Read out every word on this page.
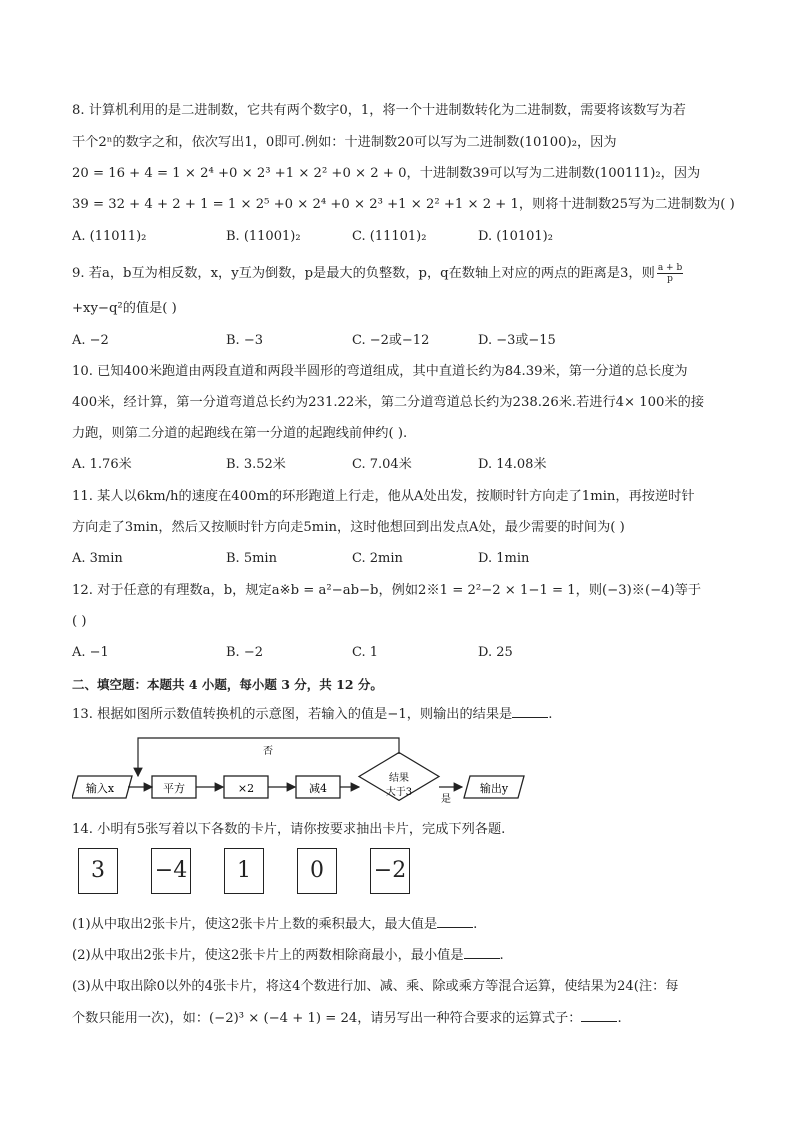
8. 计算机利用的是二进制数，它共有两个数字0，1，将一个十进制数转化为二进制数，需要将该数写为若
干个2ⁿ的数字之和，依次写出1，0即可.例如：十进制数20可以写为二进制数(10100)₂，因为
20 = 16 + 4 = 1 × 2⁴ +0 × 2³ +1 × 2² +0 × 2 + 0，十进制数39可以写为二进制数(100111)₂，因为
39 = 32 + 4 + 2 + 1 = 1 × 2⁵ +0 × 2⁴ +0 × 2³ +1 × 2² +1 × 2 + 1，则将十进制数25写为二进制数为( )
A. (11011)₂	B. (11001)₂	C. (11101)₂	D. (10101)₂
9. 若a，b互为相反数，x，y互为倒数，p是最大的负整数，p，q在数轴上对应的两点的距离是3，则 $\frac{a + b}{p}$
+xy−q²的值是( )
A. −2	B. −3	C. −2或−12	D. −3或−15
10. 已知400米跑道由两段直道和两段半圆形的弯道组成，其中直道长约为84.39米，第一分道的总长度为
400米，经计算，第一分道弯道总长约为231.22米，第二分道弯道总长约为238.26米.若进行4× 100米的接
力跑，则第二分道的起跑线在第一分道的起跑线前伸约( ).
A. 1.76米	B. 3.52米	C. 7.04米	D. 14.08米
11. 某人以6km/h的速度在400m的环形跑道上行走，他从A处出发，按顺时针方向走了1min，再按逆时针
方向走了3min，然后又按顺时针方向走5min，这时他想回到出发点A处，最少需要的时间为( )
A. 3min	B. 5min	C. 2min	D. 1min
12. 对于任意的有理数a，b，规定a※b = a²−ab−b，例如2※1 = 2²−2 × 1−1 = 1，则(−3)※(−4)等于
( )
A. −1	B. −2	C. 1	D. 25
二、填空题：本题共 4 小题，每小题 3 分，共 12 分。
13. 根据如图所示数值转换机的示意图，若输入的值是−1，则输出的结果是	.
输入x	平方	×2	减4
结果
大于3
否
是
输出y
14. 小明有5张写着以下各数的卡片，请你按要求抽出卡片，完成下列各题.
3	−4	1	0	−2
(1)从中取出2张卡片，使这2张卡片上数的乘积最大，最大值是	.
(2)从中取出2张卡片，使这2张卡片上的两数相除商最小，最小值是	.
(3)从中取出除0以外的4张卡片，将这4个数进行加、减、乘、除或乘方等混合运算，使结果为24(注：每
个数只能用一次)，如：(−2)³ × (−4 + 1) = 24，请另写出一种符合要求的运算式子：	.
